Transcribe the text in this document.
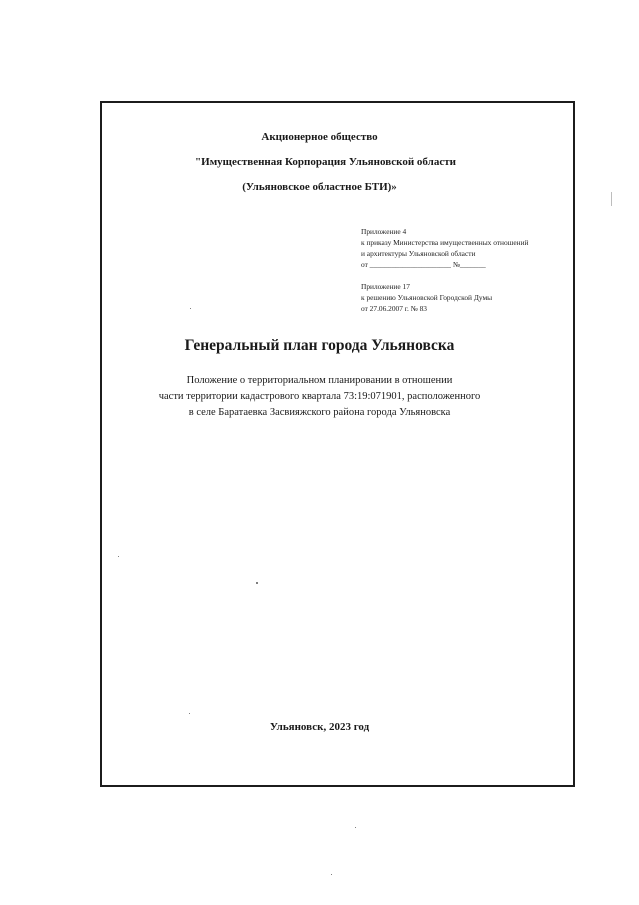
Акционерное общество

"Имущественная Корпорация Ульяновской области

(Ульяновское областное БТИ)»

Приложение 4
к приказу Министерства имущественных отношений
и архитектуры Ульяновской области
от ______________________ №_______
Приложение 17
к решению Ульяновской Городской Думы
от 27.06.2007 г. № 83

Генеральный план города Ульяновска

Положение о территориальном планировании в отношении

части территории кадастрового квартала 73:19:071901, расположенного

в селе Баратаевка Засвияжского района города Ульяновска

Ульяновск, 2023 год
